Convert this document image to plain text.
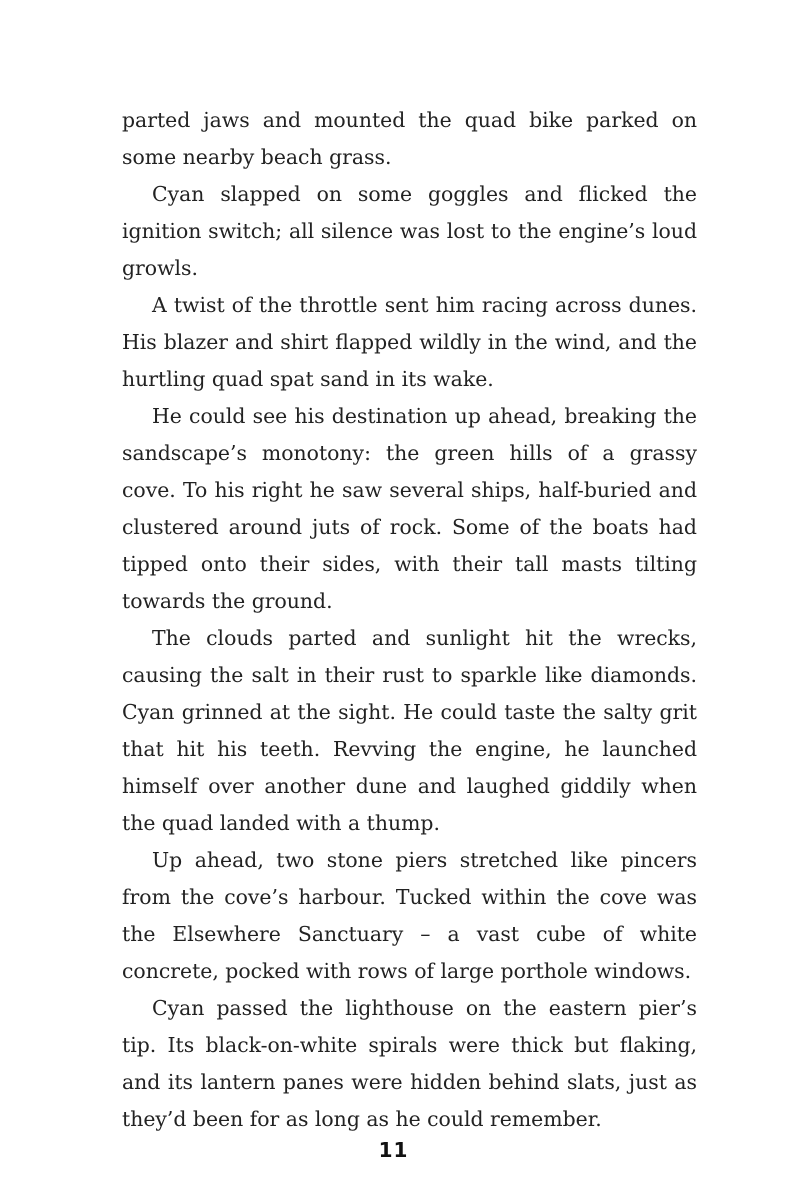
parted jaws and mounted the quad bike parked on some nearby beach grass.

Cyan slapped on some goggles and flicked the ignition switch; all silence was lost to the engine’s loud growls.

A twist of the throttle sent him racing across dunes. His blazer and shirt flapped wildly in the wind, and the hurtling quad spat sand in its wake.

He could see his destination up ahead, breaking the sandscape’s monotony: the green hills of a grassy cove. To his right he saw several ships, half-buried and clustered around juts of rock. Some of the boats had tipped onto their sides, with their tall masts tilting towards the ground.

The clouds parted and sunlight hit the wrecks, causing the salt in their rust to sparkle like diamonds. Cyan grinned at the sight. He could taste the salty grit that hit his teeth. Revving the engine, he launched himself over another dune and laughed giddily when the quad landed with a thump.

Up ahead, two stone piers stretched like pincers from the cove’s harbour. Tucked within the cove was the Elsewhere Sanctuary – a vast cube of white concrete, pocked with rows of large porthole windows.

Cyan passed the lighthouse on the eastern pier’s tip. Its black-on-white spirals were thick but flaking, and its lantern panes were hidden behind slats, just as they’d been for as long as he could remember.

11
